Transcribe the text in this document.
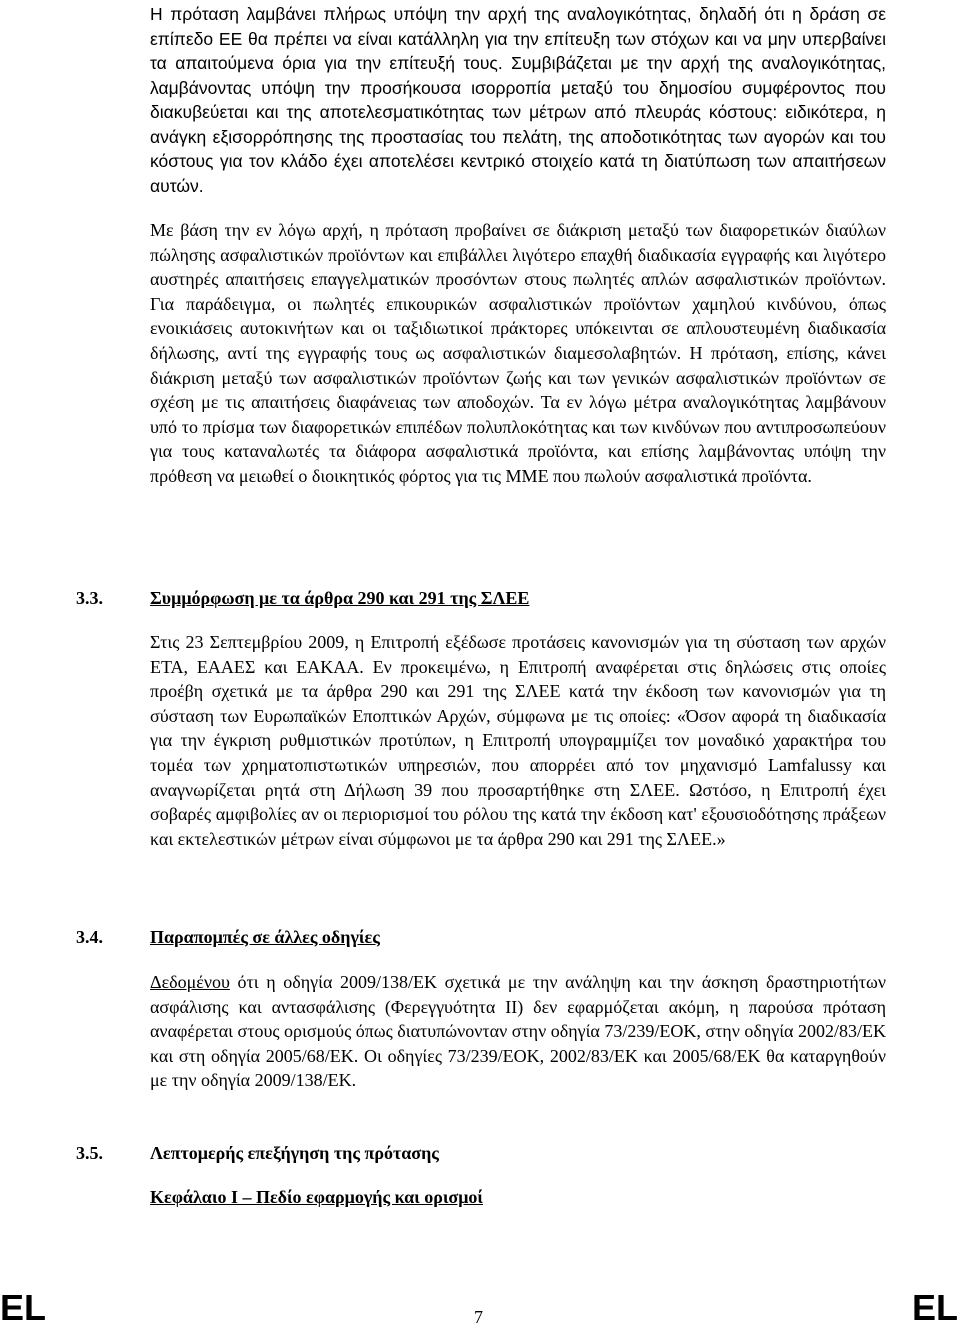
Η πρόταση λαμβάνει πλήρως υπόψη την αρχή της αναλογικότητας, δηλαδή ότι η δράση σε επίπεδο ΕΕ θα πρέπει να είναι κατάλληλη για την επίτευξη των στόχων και να μην υπερβαίνει τα απαιτούμενα όρια για την επίτευξή τους. Συμβιβάζεται με την αρχή της αναλογικότητας, λαμβάνοντας υπόψη την προσήκουσα ισορροπία μεταξύ του δημοσίου συμφέροντος που διακυβεύεται και της αποτελεσματικότητας των μέτρων από πλευράς κόστους: ειδικότερα, η ανάγκη εξισορρόπησης της προστασίας του πελάτη, της αποδοτικότητας των αγορών και του κόστους για τον κλάδο έχει αποτελέσει κεντρικό στοιχείο κατά τη διατύπωση των απαιτήσεων αυτών.

Με βάση την εν λόγω αρχή, η πρόταση προβαίνει σε διάκριση μεταξύ των διαφορετικών διαύλων πώλησης ασφαλιστικών προϊόντων και επιβάλλει λιγότερο επαχθή διαδικασία εγγραφής και λιγότερο αυστηρές απαιτήσεις επαγγελματικών προσόντων στους πωλητές απλών ασφαλιστικών προϊόντων. Για παράδειγμα, οι πωλητές επικουρικών ασφαλιστικών προϊόντων χαμηλού κινδύνου, όπως ενοικιάσεις αυτοκινήτων και οι ταξιδιωτικοί πράκτορες υπόκεινται σε απλουστευμένη διαδικασία δήλωσης, αντί της εγγραφής τους ως ασφαλιστικών διαμεσολαβητών. Η πρόταση, επίσης, κάνει διάκριση μεταξύ των ασφαλιστικών προϊόντων ζωής και των γενικών ασφαλιστικών προϊόντων σε σχέση με τις απαιτήσεις διαφάνειας των αποδοχών. Τα εν λόγω μέτρα αναλογικότητας λαμβάνουν υπό το πρίσμα των διαφορετικών επιπέδων πολυπλοκότητας και των κινδύνων που αντιπροσωπεύουν για τους καταναλωτές τα διάφορα ασφαλιστικά προϊόντα, και επίσης λαμβάνοντας υπόψη την πρόθεση να μειωθεί ο διοικητικός φόρτος για τις ΜΜΕ που πωλούν ασφαλιστικά προϊόντα.

3.3.	Συμμόρφωση με τα άρθρα 290 και 291 της ΣΛΕΕ

Στις 23 Σεπτεμβρίου 2009, η Επιτροπή εξέδωσε προτάσεις κανονισμών για τη σύσταση των αρχών ΕΤΑ, ΕΑΑΕΣ και ΕΑΚΑΑ. Εν προκειμένω, η Επιτροπή αναφέρεται στις δηλώσεις στις οποίες προέβη σχετικά με τα άρθρα 290 και 291 της ΣΛΕΕ κατά την έκδοση των κανονισμών για τη σύσταση των Ευρωπαϊκών Εποπτικών Αρχών, σύμφωνα με τις οποίες: «Όσον αφορά τη διαδικασία για την έγκριση ρυθμιστικών προτύπων, η Επιτροπή υπογραμμίζει τον μοναδικό χαρακτήρα του τομέα των χρηματοπιστωτικών υπηρεσιών, που απορρέει από τον μηχανισμό Lamfalussy και αναγνωρίζεται ρητά στη Δήλωση 39 που προσαρτήθηκε στη ΣΛΕΕ. Ωστόσο, η Επιτροπή έχει σοβαρές αμφιβολίες αν οι περιορισμοί του ρόλου της κατά την έκδοση κατ' εξουσιοδότησης πράξεων και εκτελεστικών μέτρων είναι σύμφωνοι με τα άρθρα 290 και 291 της ΣΛΕΕ.»

3.4.	Παραπομπές σε άλλες οδηγίες

Δεδομένου ότι η οδηγία 2009/138/ΕΚ σχετικά με την ανάληψη και την άσκηση δραστηριοτήτων ασφάλισης και αντασφάλισης (Φερεγγυότητα ΙΙ) δεν εφαρμόζεται ακόμη, η παρούσα πρόταση αναφέρεται στους ορισμούς όπως διατυπώνονταν στην οδηγία 73/239/ΕΟΚ, στην οδηγία 2002/83/ΕΚ και στη οδηγία 2005/68/ΕΚ. Οι οδηγίες 73/239/ΕΟΚ, 2002/83/ΕΚ και 2005/68/ΕΚ θα καταργηθούν με την οδηγία 2009/138/ΕΚ.

3.5.	Λεπτομερής επεξήγηση της πρότασης
Κεφάλαιο Ι – Πεδίο εφαρμογής και ορισμοί
EL	7	EL
